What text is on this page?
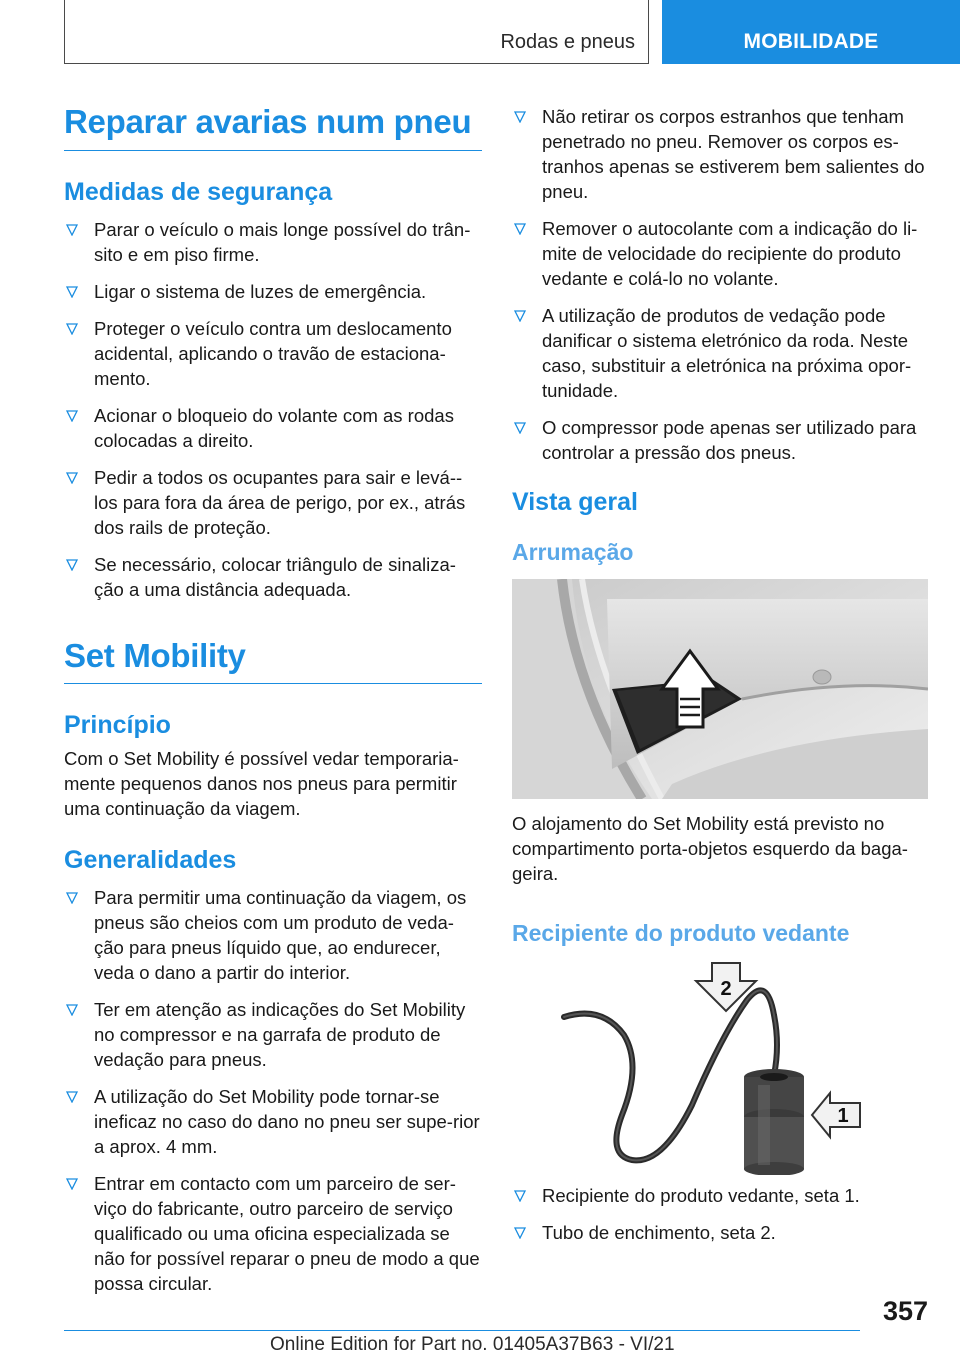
Rodas e pneus	MOBILIDADE
Reparar avarias num pneu
Medidas de segurança
Parar o veículo o mais longe possível do trân-sito e em piso firme.
Ligar o sistema de luzes de emergência.
Proteger o veículo contra um deslocamento acidental, aplicando o travão de estaciona-mento.
Acionar o bloqueio do volante com as rodas colocadas a direito.
Pedir a todos os ocupantes para sair e levá--los para fora da área de perigo, por ex., atrás dos rails de proteção.
Se necessário, colocar triângulo de sinaliza-ção a uma distância adequada.
Set Mobility
Princípio

Com o Set Mobility é possível vedar temporaria-mente pequenos danos nos pneus para permitir uma continuação da viagem.

Generalidades
Para permitir uma continuação da viagem, os pneus são cheios com um produto de veda-ção para pneus líquido que, ao endurecer, veda o dano a partir do interior.
Ter em atenção as indicações do Set Mobility no compressor e na garrafa de produto de vedação para pneus.
A utilização do Set Mobility pode tornar-se ineficaz no caso do dano no pneu ser supe-rior a aprox. 4 mm.
Entrar em contacto com um parceiro de ser-viço do fabricante, outro parceiro de serviço qualificado ou uma oficina especializada se não for possível reparar o pneu de modo a que possa circular.
Não retirar os corpos estranhos que tenham penetrado no pneu. Remover os corpos es-tranhos apenas se estiverem bem salientes do pneu.
Remover o autocolante com a indicação do li-mite de velocidade do recipiente do produto vedante e colá-lo no volante.
A utilização de produtos de vedação pode danificar o sistema eletrónico da roda. Neste caso, substituir a eletrónica na próxima opor-tunidade.
O compressor pode apenas ser utilizado para controlar a pressão dos pneus.
Vista geral
Arrumação

O alojamento do Set Mobility está previsto no compartimento porta-objetos esquerdo da baga-geira.

Recipiente do produto vedante
2
1
Recipiente do produto vedante, seta 1.
Tubo de enchimento, seta 2.
357
Online Edition for Part no. 01405A37B63 - VI/21
